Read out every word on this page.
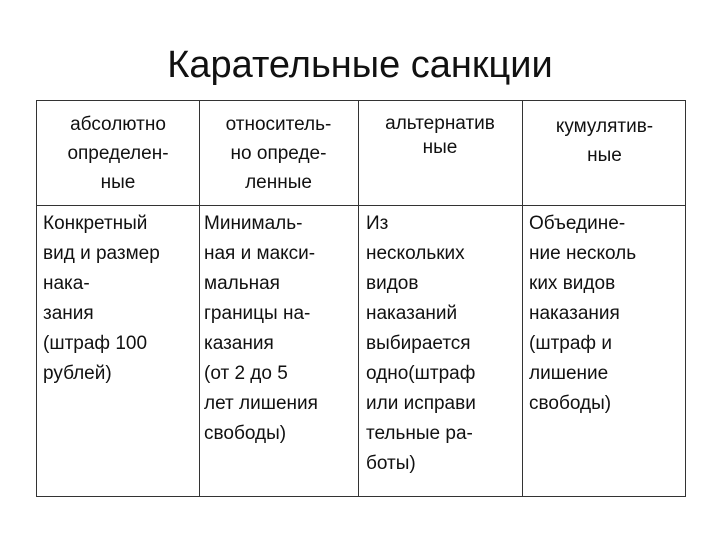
Карательные санкции
абсолютно
определен-
ные
относитель-
но опреде-
ленные
альтернатив
ные
кумулятив-
ные
Конкретный
вид и размер
нака-
зания
(штраф 100
рублей)
Минималь-
ная и макси-
мальная
границы на-
казания
(от 2 до 5
лет лишения
свободы)
Из
нескольких
видов
наказаний
выбирается
одно(штраф
или исправи
тельные ра-
боты)
Объедине-
ние несколь
ких видов
наказания
(штраф и
лишение
свободы)
